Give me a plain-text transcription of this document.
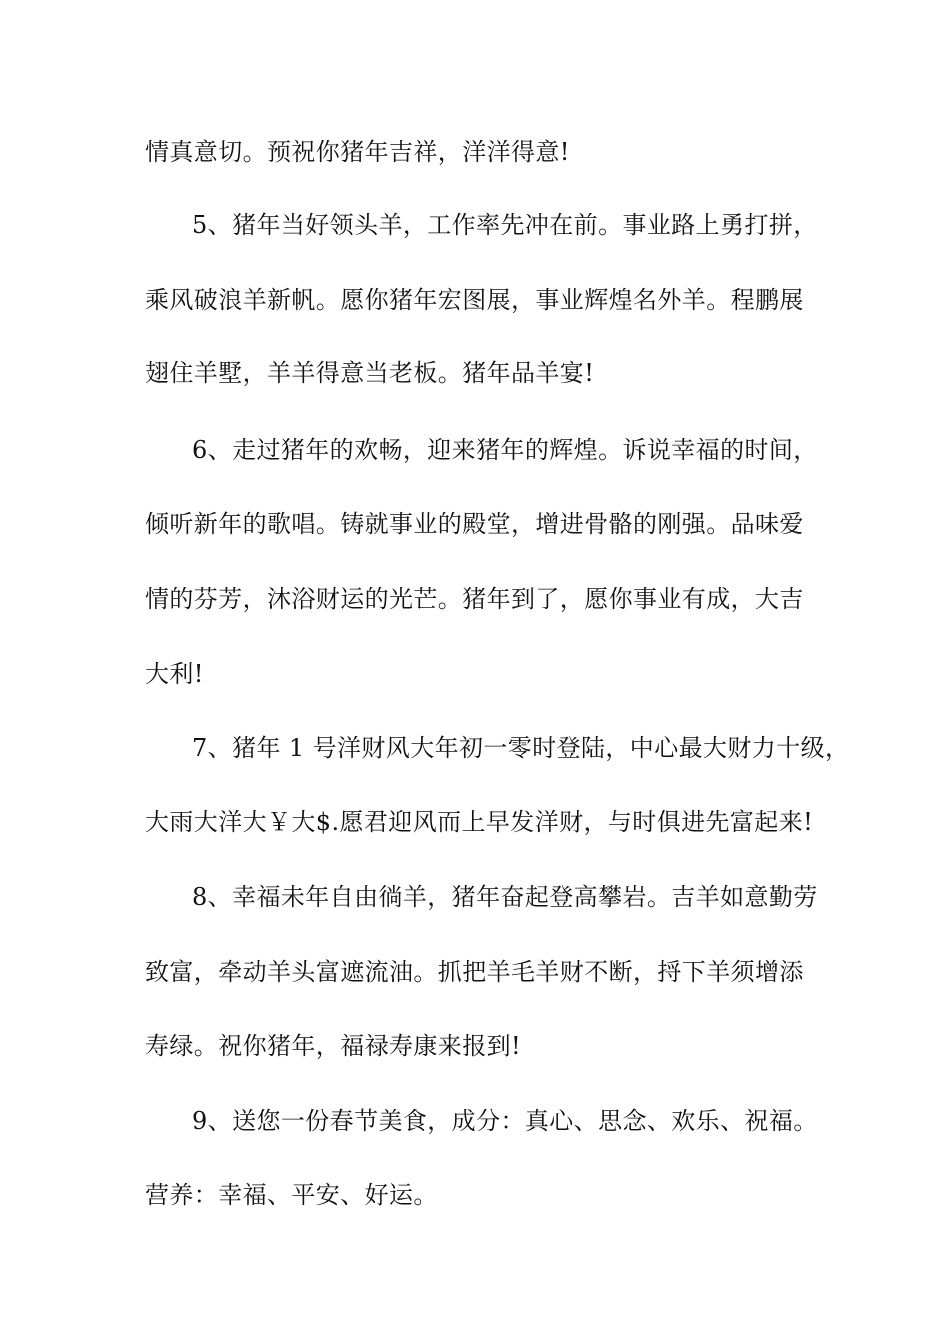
情真意切。预祝你猪年吉祥，洋洋得意!
5、猪年当好领头羊，工作率先冲在前。事业路上勇打拼，
乘风破浪羊新帆。愿你猪年宏图展，事业辉煌名外羊。程鹏展
翅住羊墅，羊羊得意当老板。猪年品羊宴!
6、走过猪年的欢畅，迎来猪年的辉煌。诉说幸福的时间，
倾听新年的歌唱。铸就事业的殿堂，增进骨骼的刚强。品味爱
情的芬芳，沐浴财运的光芒。猪年到了，愿你事业有成，大吉
大利!
7、猪年 1 号洋财风大年初一零时登陆，中心最大财力十级，
大雨大洋大￥大$.愿君迎风而上早发洋财，与时俱进先富起来!
8、幸福未年自由徜羊，猪年奋起登高攀岩。吉羊如意勤劳
致富，牵动羊头富遮流油。抓把羊毛羊财不断，捋下羊须增添
寿绿。祝你猪年，福禄寿康来报到!
9、送您一份春节美食，成分：真心、思念、欢乐、祝福。
营养：幸福、平安、好运。
